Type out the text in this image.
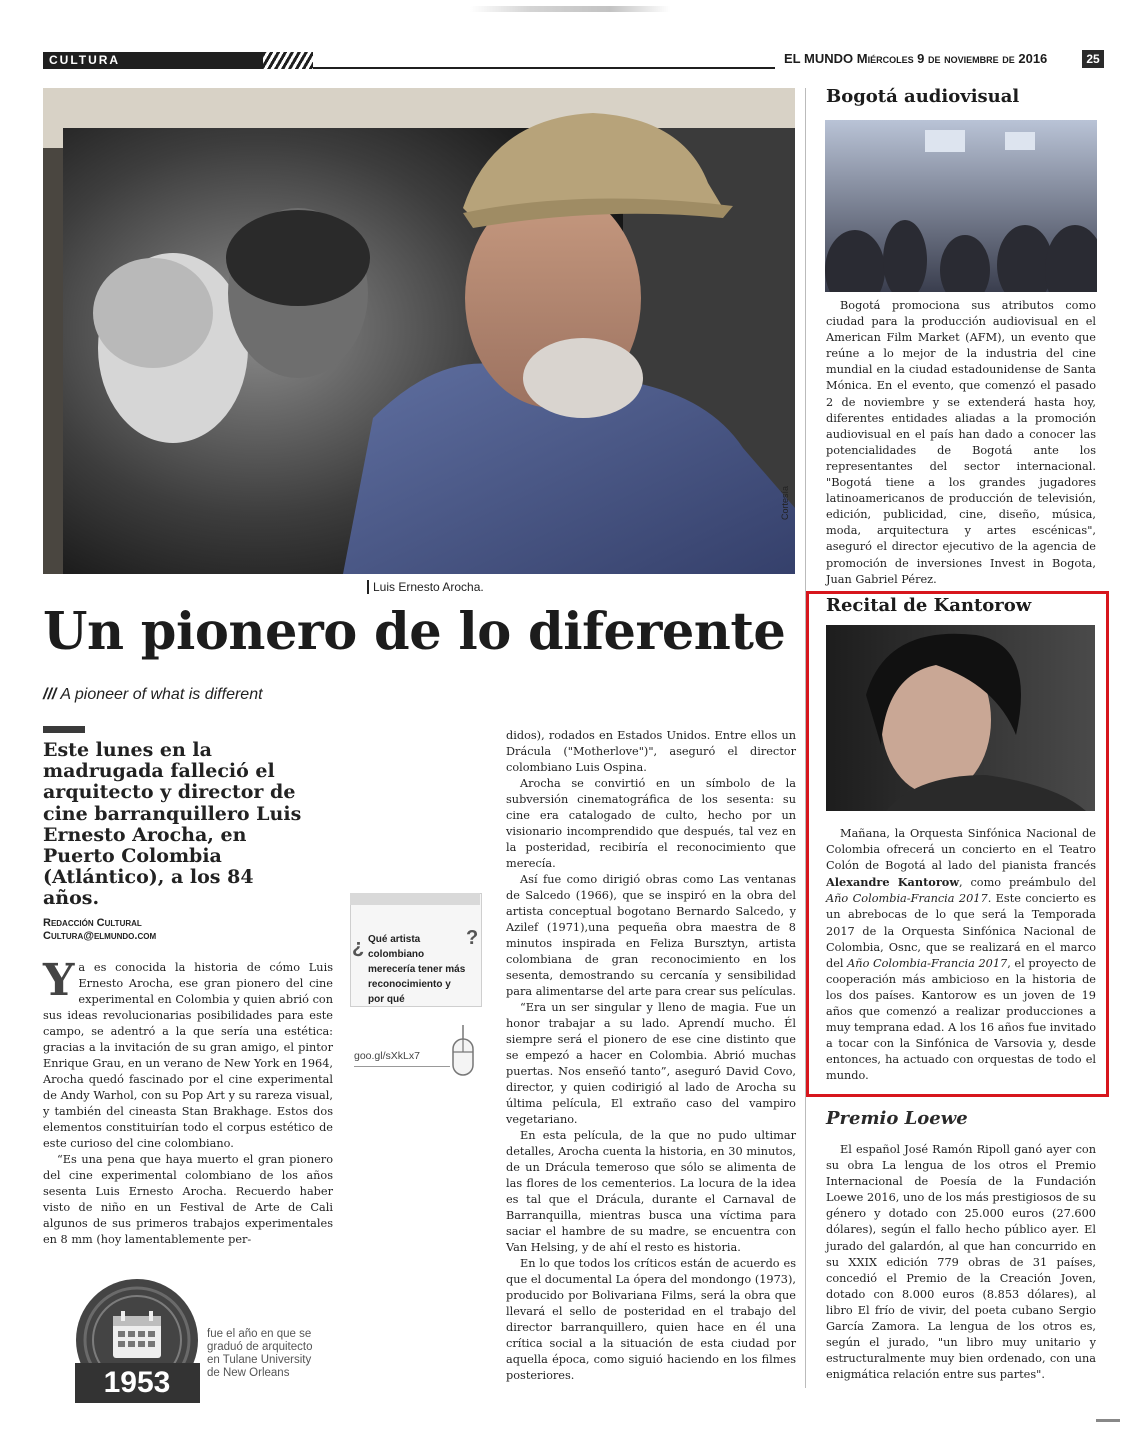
CULTURA	EL MUNDO Miércoles 9 de noviembre de 2016	25
Cortesía
Luis Ernesto Arocha.
Un pionero de lo diferente
/// A pioneer of what is different
Este lunes en la madrugada falleció el arquitecto y director de cine barranquillero Luis Ernesto Arocha, en Puerto Colombia (Atlántico), a los 84 años.
Redacción Cultural
Cultura@elmundo.com

Ya es conocida la historia de cómo Luis Ernesto Arocha, ese gran pionero del cine experimental en Colombia y quien abrió con sus ideas revolucionarias posibilidades para este campo, se adentró a la que sería una estética: gracias a la invitación de su gran amigo, el pintor Enrique Grau, en un verano de New York en 1964, Arocha quedó fascinado por el cine experimental de Andy Warhol, con su Pop Art y su rareza visual, y también del cineasta Stan Brakhage. Estos dos elementos constituirían todo el corpus estético de este curioso del cine colombiano.

“Es una pena que haya muerto el gran pionero del cine experimental colombiano de los años sesenta Luis Ernesto Arocha. Recuerdo haber visto de niño en un Festival de Arte de Cali algunos de sus primeros trabajos experimentales en 8 mm (hoy lamentablemente per-

didos), rodados en Estados Unidos. Entre ellos un Drácula ("Motherlove")", aseguró el director colombiano Luis Ospina.

Arocha se convirtió en un símbolo de la subversión cinematográfica de los sesenta: su cine era catalogado de culto, hecho por un visionario incomprendido que después, tal vez en la posteridad, recibiría el reconocimiento que merecía.

Así fue como dirigió obras como Las ventanas de Salcedo (1966), que se inspiró en la obra del artista conceptual bogotano Bernardo Salcedo, y Azilef (1971),una pequeña obra maestra de 8 minutos inspirada en Feliza Bursztyn, artista colombiana de gran reconocimiento en los sesenta, demostrando su cercanía y sensibilidad para alimentarse del arte para crear sus películas.

“Era un ser singular y lleno de magia. Fue un honor trabajar a su lado. Aprendí mucho. Él siempre será el pionero de ese cine distinto que se empezó a hacer en Colombia. Abrió muchas puertas. Nos enseñó tanto”, aseguró David Covo, director, y quien codirigió al lado de Arocha su última película, El extraño caso del vampiro vegetariano.

En esta película, de la que no pudo ultimar detalles, Arocha cuenta la historia, en 30 minutos, de un Drácula temeroso que sólo se alimenta de las flores de los cementerios. La locura de la idea es tal que el Drácula, durante el Carnaval de Barranquilla, mientras busca una víctima para saciar el hambre de su madre, se encuentra con Van Helsing, y de ahí el resto es historia.

En lo que todos los críticos están de acuerdo es que el documental La ópera del mondongo (1973), producido por Bolivariana Films, será la obra que llevará el sello de posteridad en el trabajo del director barranquillero, quien hace en él una crítica social a la situación de esta ciudad por aquella época, como siguió haciendo en los filmes posteriores.

¿	?
Qué artista colombiano merecería tener más reconocimiento y por qué
goo.gl/sXkLx7
1953
fue el año en que se graduó de arquitecto en Tulane University de New Orleans
Bogotá audiovisual

Bogotá promociona sus atributos como ciudad para la producción audiovisual en el American Film Market (AFM), un evento que reúne a lo mejor de la industria del cine mundial en la ciudad estadounidense de Santa Mónica. En el evento, que comenzó el pasado 2 de noviembre y se extenderá hasta hoy, diferentes entidades aliadas a la promoción audiovisual en el país han dado a conocer las potencialidades de Bogotá ante los representantes del sector internacional. "Bogotá tiene a los grandes jugadores latinoamericanos de producción de televisión, edición, publicidad, cine, diseño, música, moda, arquitectura y artes escénicas", aseguró el director ejecutivo de la agencia de promoción de inversiones Invest in Bogota, Juan Gabriel Pérez.

Recital de Kantorow

Mañana, la Orquesta Sinfónica Nacional de Colombia ofrecerá un concierto en el Teatro Colón de Bogotá al lado del pianista francés Alexandre Kantorow, como preámbulo del Año Colombia-Francia 2017. Este concierto es un abrebocas de lo que será la Temporada 2017 de la Orquesta Sinfónica Nacional de Colombia, Osnc, que se realizará en el marco del Año Colombia-Francia 2017, el proyecto de cooperación más ambicioso en la historia de los dos países. Kantorow es un joven de 19 años que comenzó a realizar producciones a muy temprana edad. A los 16 años fue invitado a tocar con la Sinfónica de Varsovia y, desde entonces, ha actuado con orquestas de todo el mundo.

Premio Loewe

El español José Ramón Ripoll ganó ayer con su obra La lengua de los otros el Premio Internacional de Poesía de la Fundación Loewe 2016, uno de los más prestigiosos de su género y dotado con 25.000 euros (27.600 dólares), según el fallo hecho público ayer. El jurado del galardón, al que han concurrido en su XXIX edición 779 obras de 31 países, concedió el Premio de la Creación Joven, dotado con 8.000 euros (8.853 dólares), al libro El frío de vivir, del poeta cubano Sergio García Zamora. La lengua de los otros es, según el jurado, "un libro muy unitario y estructuralmente muy bien ordenado, con una enigmática relación entre sus partes".
